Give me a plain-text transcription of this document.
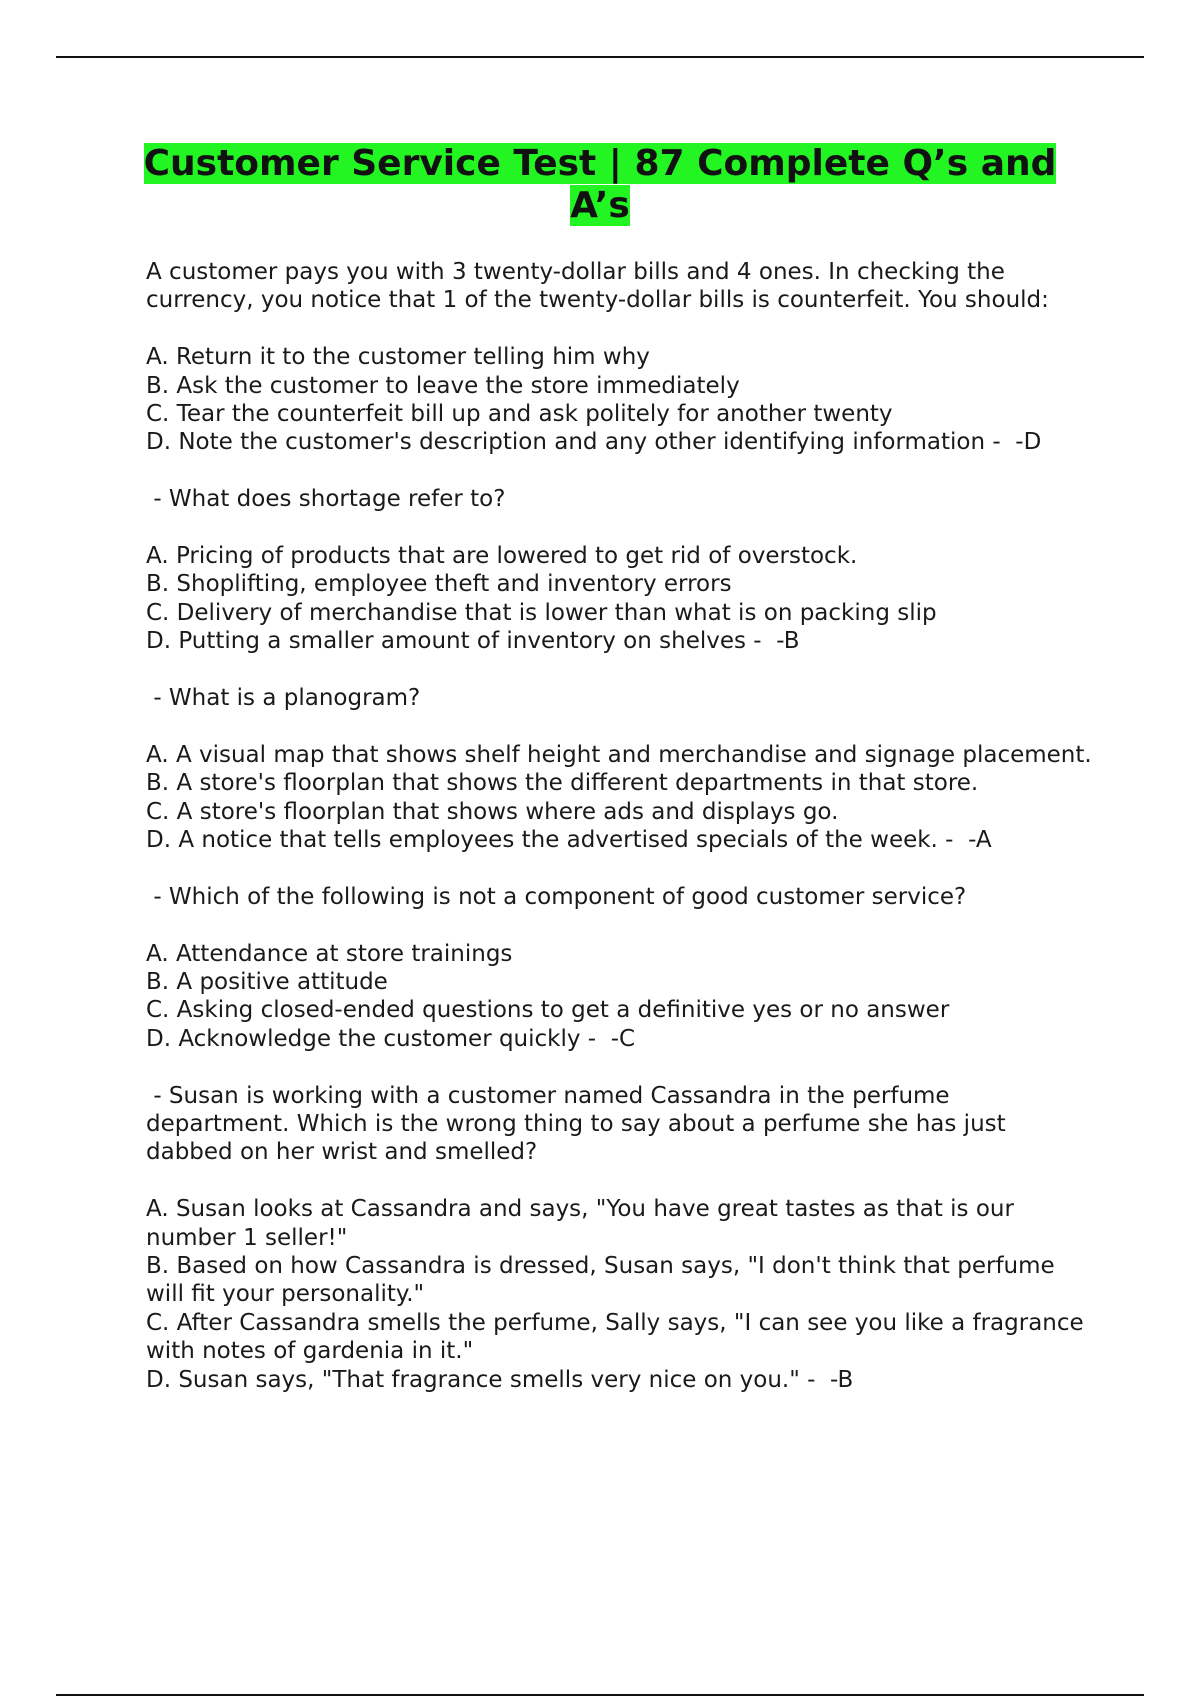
Customer Service Test | 87 Complete Q’s and A’s
A customer pays you with 3 twenty-dollar bills and 4 ones. In checking the currency, you notice that 1 of the twenty-dollar bills is counterfeit. You should:
A. Return it to the customer telling him why
B. Ask the customer to leave the store immediately
C. Tear the counterfeit bill up and ask politely for another twenty
D. Note the customer's description and any other identifying information -  -D
- What does shortage refer to?
A. Pricing of products that are lowered to get rid of overstock.
B. Shoplifting, employee theft and inventory errors
C. Delivery of merchandise that is lower than what is on packing slip
D. Putting a smaller amount of inventory on shelves -  -B
- What is a planogram?
A. A visual map that shows shelf height and merchandise and signage placement.
B. A store's floorplan that shows the different departments in that store.
C. A store's floorplan that shows where ads and displays go.
D. A notice that tells employees the advertised specials of the week. -  -A
- Which of the following is not a component of good customer service?
A. Attendance at store trainings
B. A positive attitude
C. Asking closed-ended questions to get a definitive yes or no answer
D. Acknowledge the customer quickly -  -C
- Susan is working with a customer named Cassandra in the perfume department. Which is the wrong thing to say about a perfume she has just dabbed on her wrist and smelled?
A. Susan looks at Cassandra and says, "You have great tastes as that is our number 1 seller!"
B. Based on how Cassandra is dressed, Susan says, "I don't think that perfume will fit your personality."
C. After Cassandra smells the perfume, Sally says, "I can see you like a fragrance with notes of gardenia in it."
D. Susan says, "That fragrance smells very nice on you." -  -B
